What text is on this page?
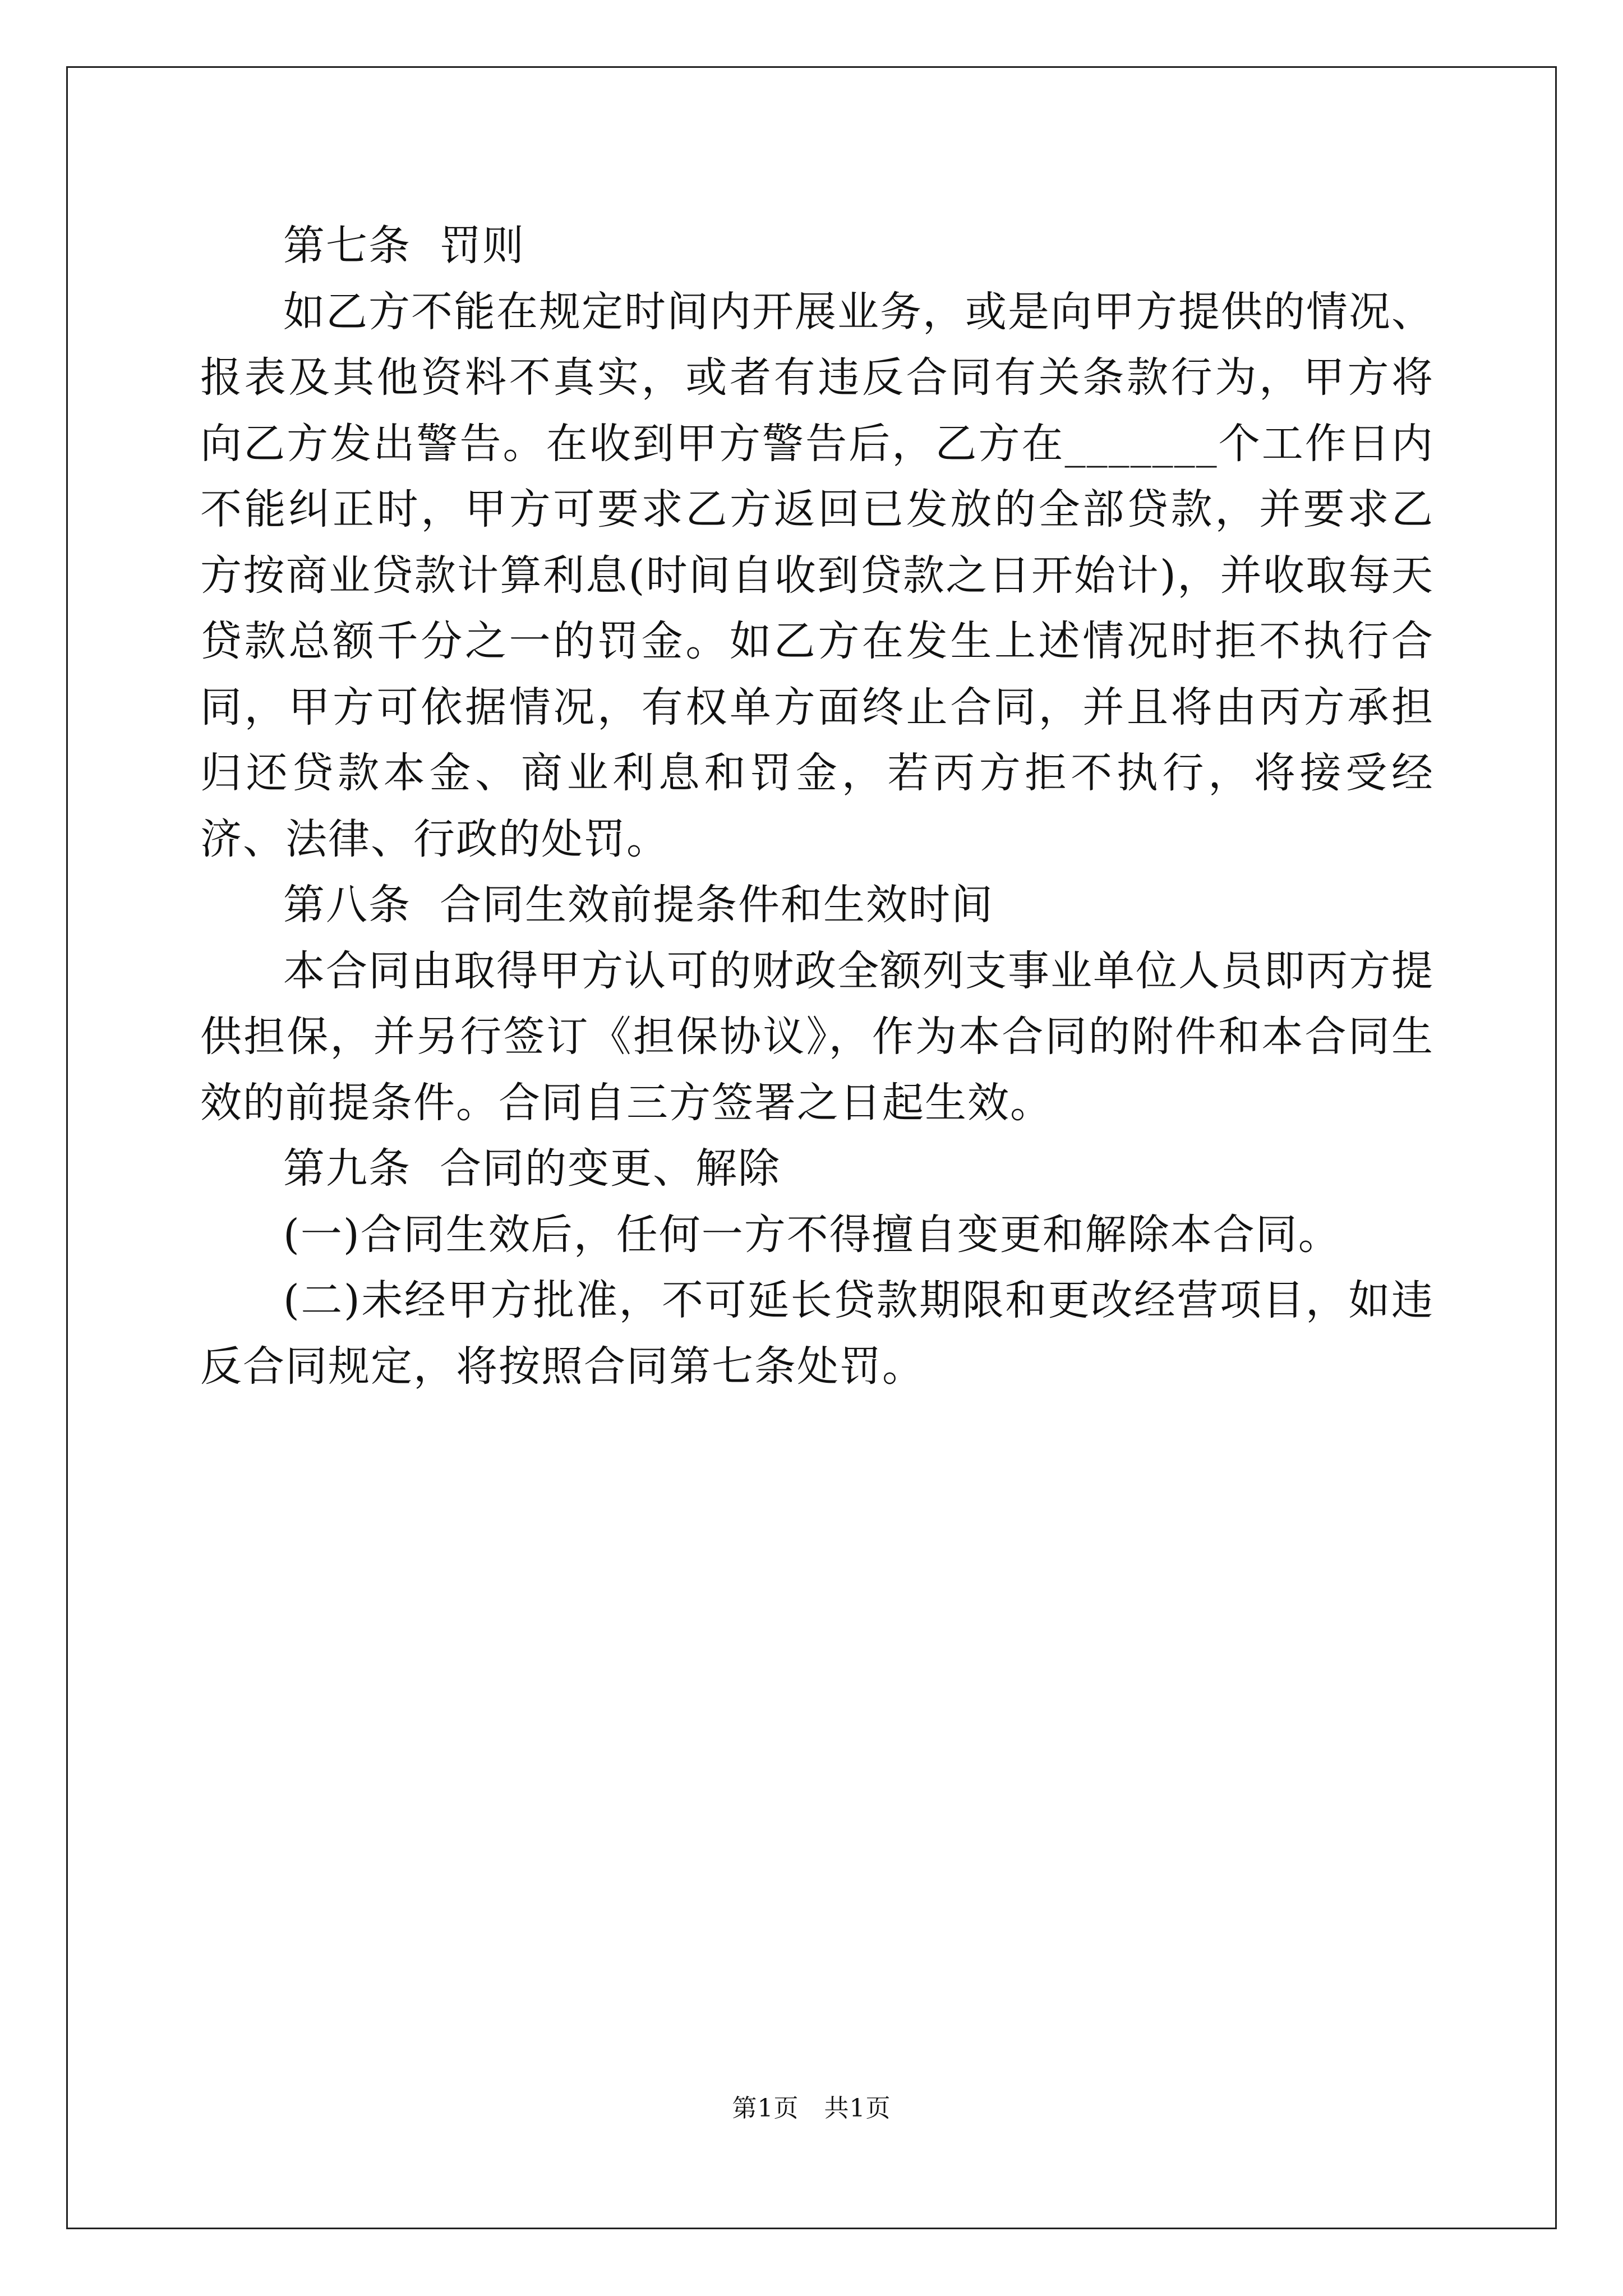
第七条  罚则

如乙方不能在规定时间内开展业务，或是向甲方提供的情况、报表及其他资料不真实，或者有违反合同有关条款行为，甲方将向乙方发出警告。在收到甲方警告后，乙方在_______个工作日内不能纠正时，甲方可要求乙方返回已发放的全部贷款，并要求乙方按商业贷款计算利息(时间自收到贷款之日开始计)，并收取每天贷款总额千分之一的罚金。如乙方在发生上述情况时拒不执行合同，甲方可依据情况，有权单方面终止合同，并且将由丙方承担归还贷款本金、商业利息和罚金，若丙方拒不执行，将接受经济、法律、行政的处罚。

第八条  合同生效前提条件和生效时间

本合同由取得甲方认可的财政全额列支事业单位人员即丙方提供担保，并另行签订《担保协议》，作为本合同的附件和本合同生效的前提条件。合同自三方签署之日起生效。

第九条  合同的变更、解除

(一)合同生效后，任何一方不得擅自变更和解除本合同。

(二)未经甲方批准，不可延长贷款期限和更改经营项目，如违反合同规定，将按照合同第七条处罚。

第1页   共1页
